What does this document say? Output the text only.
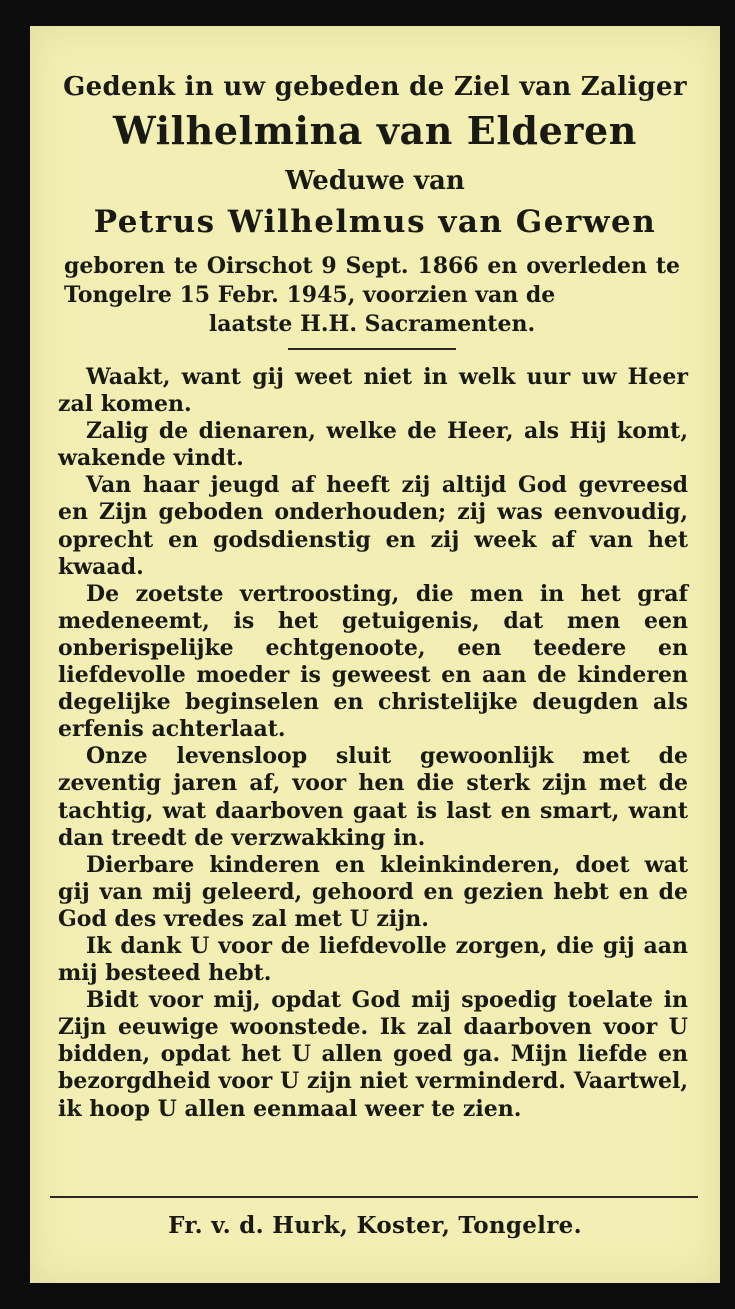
Gedenk in uw gebeden de Ziel van Zaliger
Wilhelmina van Elderen
Weduwe van
Petrus Wilhelmus van Gerwen
geboren te Oirschot 9 Sept. 1866 en overleden te Tongelre 15 Febr. 1945, voorzien van de
laatste H.H. Sacramenten.

Waakt, want gij weet niet in welk uur uw Heer zal komen.

Zalig de dienaren, welke de Heer, als Hij komt, wakende vindt.

Van haar jeugd af heeft zij altijd God gevreesd en Zijn geboden onderhouden; zij was eenvoudig, oprecht en godsdienstig en zij week af van het kwaad.

De zoetste vertroosting, die men in het graf medeneemt, is het getuigenis, dat men een onberispelijke echtgenoote, een teedere en liefdevolle moeder is geweest en aan de kinderen degelijke beginselen en christelijke deugden als erfenis achterlaat.

Onze levensloop sluit gewoonlijk met de zeventig jaren af, voor hen die sterk zijn met de tachtig, wat daarboven gaat is last en smart, want dan treedt de verzwakking in.

Dierbare kinderen en kleinkinderen, doet wat gij van mij geleerd, gehoord en gezien hebt en de God des vredes zal met U zijn.

Ik dank U voor de liefdevolle zorgen, die gij aan mij besteed hebt.

Bidt voor mij, opdat God mij spoedig toelate in Zijn eeuwige woonstede. Ik zal daarboven voor U bidden, opdat het U allen goed ga. Mijn liefde en bezorgdheid voor U zijn niet verminderd. Vaartwel, ik hoop U allen eenmaal weer te zien.

Fr. v. d. Hurk, Koster, Tongelre.
